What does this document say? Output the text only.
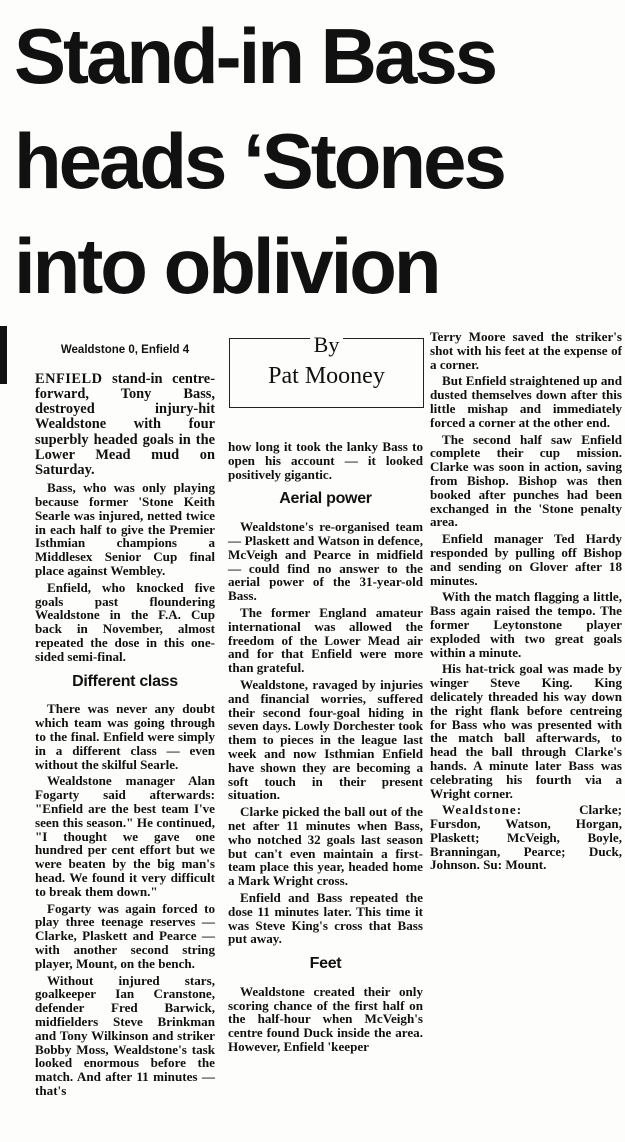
Stand-in Bass
heads ‘Stones
into oblivion
Wealdstone 0, Enfield 4

ENFIELD stand-in centre-forward, Tony Bass, destroyed injury-hit Wealdstone with four superbly headed goals in the Lower Mead mud on Saturday.

Bass, who was only playing because former 'Stone Keith Searle was injured, netted twice in each half to give the Premier Isthmian champions a Middlesex Senior Cup final place against Wembley.

Enfield, who knocked five goals past floundering Wealdstone in the F.A. Cup back in November, almost repeated the dose in this one-sided semi-final.

Different class

There was never any doubt which team was going through to the final. Enfield were simply in a different class — even without the skilful Searle.

Wealdstone manager Alan Fogarty said afterwards: "Enfield are the best team I've seen this season." He continued, "I thought we gave one hundred per cent effort but we were beaten by the big man's head. We found it very difficult to break them down."

Fogarty was again forced to play three teenage reserves — Clarke, Plaskett and Pearce — with another second string player, Mount, on the bench.

Without injured stars, goalkeeper Ian Cranstone, defender Fred Barwick, midfielders Steve Brinkman and Tony Wilkinson and striker Bobby Moss, Wealdstone's task looked enormous before the match. And after 11 minutes — that's

By
Pat Mooney

how long it took the lanky Bass to open his account — it looked positively gigantic.

Aerial power

Wealdstone's re-organised team — Plaskett and Watson in defence, McVeigh and Pearce in midfield — could find no answer to the aerial power of the 31-year-old Bass.

The former England amateur international was allowed the freedom of the Lower Mead air and for that Enfield were more than grateful.

Wealdstone, ravaged by injuries and financial worries, suffered their second four-goal hiding in seven days. Lowly Dorchester took them to pieces in the league last week and now Isthmian Enfield have shown they are becoming a soft touch in their present situation.

Clarke picked the ball out of the net after 11 minutes when Bass, who notched 32 goals last season but can't even maintain a first-team place this year, headed home a Mark Wright cross.

Enfield and Bass repeated the dose 11 minutes later. This time it was Steve King's cross that Bass put away.

Feet

Wealdstone created their only scoring chance of the first half on the half-hour when McVeigh's centre found Duck inside the area. However, Enfield 'keeper

Terry Moore saved the striker's shot with his feet at the expense of a corner.

But Enfield straightened up and dusted themselves down after this little mishap and immediately forced a corner at the other end.

The second half saw Enfield complete their cup mission. Clarke was soon in action, saving from Bishop. Bishop was then booked after punches had been exchanged in the 'Stone penalty area.

Enfield manager Ted Hardy responded by pulling off Bishop and sending on Glover after 18 minutes.

With the match flagging a little, Bass again raised the tempo. The former Leytonstone player exploded with two great goals within a minute.

His hat-trick goal was made by winger Steve King. King delicately threaded his way down the right flank before centreing for Bass who was presented with the match ball afterwards, to head the ball through Clarke's hands. A minute later Bass was celebrating his fourth via a Wright corner.

Wealdstone:	Clarke; Fursdon, Watson, Horgan, Plaskett; McVeigh, Boyle, Branningan, Pearce; Duck, Johnson. Su: Mount.
